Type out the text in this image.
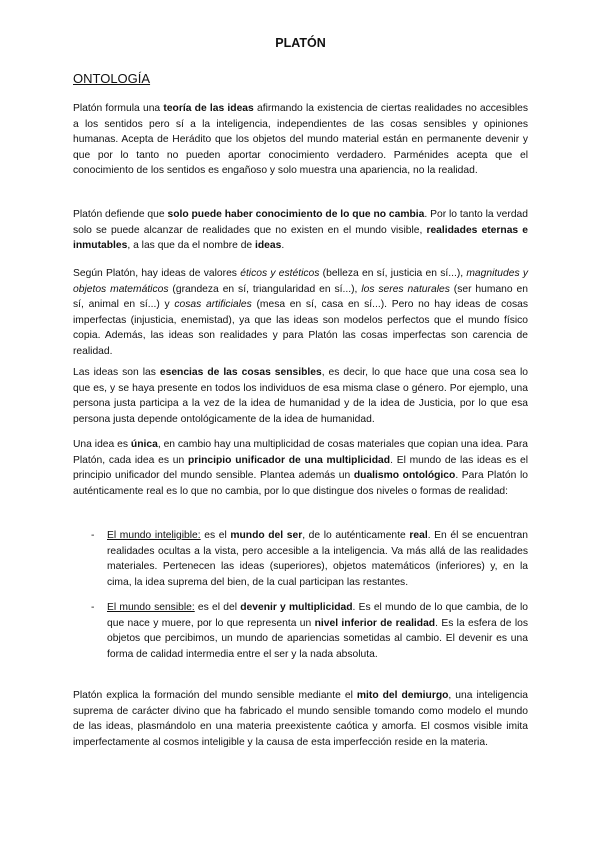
PLATÓN
ONTOLOGÍA

Platón formula una teoría de las ideas afirmando la existencia de ciertas realidades no accesibles a los sentidos pero sí a la inteligencia, independientes de las cosas sensibles y opiniones humanas. Acepta de Herádito que los objetos del mundo material están en permanente devenir y que por lo tanto no pueden aportar conocimiento verdadero. Parménides acepta que el conocimiento de los sentidos es engañoso y solo muestra una apariencia, no la realidad.

Platón defiende que solo puede haber conocimiento de lo que no cambia. Por lo tanto la verdad solo se puede alcanzar de realidades que no existen en el mundo visible, realidades eternas e inmutables, a las que da el nombre de ideas.

Según Platón, hay ideas de valores éticos y estéticos (belleza en sí, justicia en sí...), magnitudes y objetos matemáticos (grandeza en sí, triangularidad en sí...), los seres naturales (ser humano en sí, animal en sí...) y cosas artificiales (mesa en sí, casa en sí...). Pero no hay ideas de cosas imperfectas (injusticia, enemistad), ya que las ideas son modelos perfectos que el mundo físico copia. Además, las ideas son realidades y para Platón las cosas imperfectas son carencia de realidad.

Las ideas son las esencias de las cosas sensibles, es decir, lo que hace que una cosa sea lo que es, y se haya presente en todos los individuos de esa misma clase o género. Por ejemplo, una persona justa participa a la vez de la idea de humanidad y de la idea de Justicia, por lo que esa persona justa depende ontológicamente de la idea de humanidad.

Una idea es única, en cambio hay una multiplicidad de cosas materiales que copian una idea. Para Platón, cada idea es un principio unificador de una multiplicidad. El mundo de las ideas es el principio unificador del mundo sensible. Plantea además un dualismo ontológico. Para Platón lo auténticamente real es lo que no cambia, por lo que distingue dos niveles o formas de realidad:

- El mundo inteligible: es el mundo del ser, de lo auténticamente real. En él se encuentran realidades ocultas a la vista, pero accesible a la inteligencia. Va más allá de las realidades materiales. Pertenecen las ideas (superiores), objetos matemáticos (inferiores) y, en la cima, la idea suprema del bien, de la cual participan las restantes.
- El mundo sensible: es el del devenir y multiplicidad. Es el mundo de lo que cambia, de lo que nace y muere, por lo que representa un nivel inferior de realidad. Es la esfera de los objetos que percibimos, un mundo de apariencias sometidas al cambio. El devenir es una forma de calidad intermedia entre el ser y la nada absoluta.

Platón explica la formación del mundo sensible mediante el mito del demiurgo, una inteligencia suprema de carácter divino que ha fabricado el mundo sensible tomando como modelo el mundo de las ideas, plasmándolo en una materia preexistente caótica y amorfa. El cosmos visible imita imperfectamente al cosmos inteligible y la causa de esta imperfección reside en la materia.
